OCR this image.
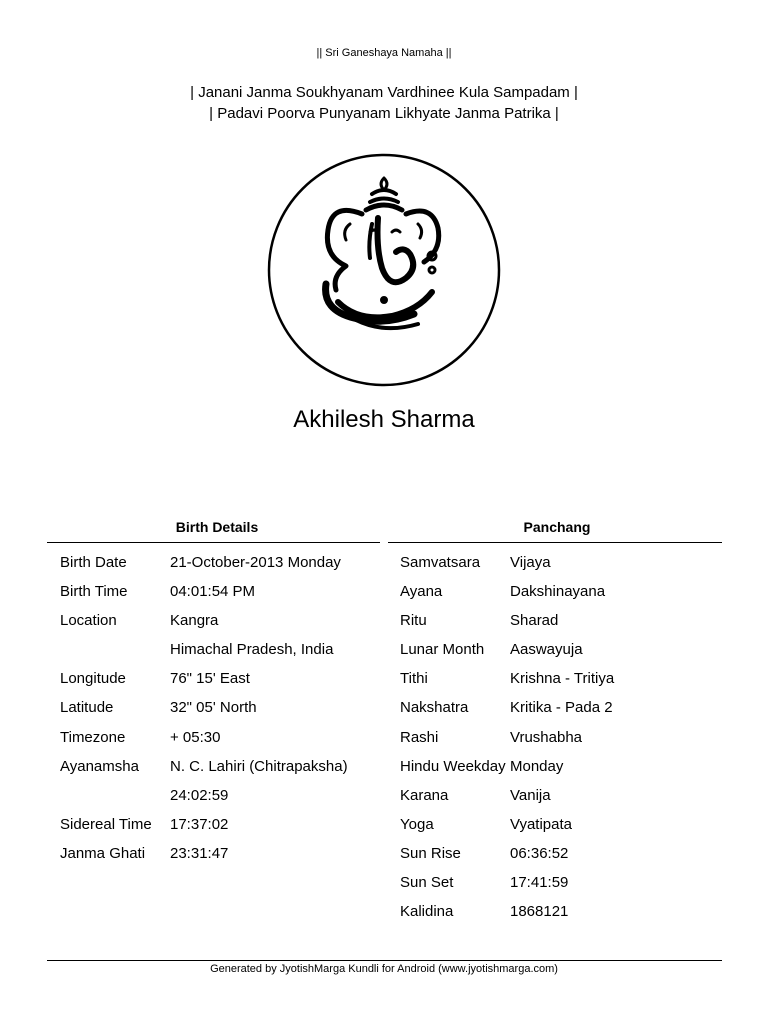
|| Sri Ganeshaya Namaha ||
| Janani Janma Soukhyanam Vardhinee Kula Sampadam |
| Padavi Poorva Punyanam Likhyate Janma Patrika |
Akhilesh Sharma
Birth Details	Panchang
Birth Date	21-October-2013 Monday
Birth Time	04:01:54 PM
Location	Kangra
Himachal Pradesh, India
Longitude	76" 15' East
Latitude	32" 05' North
Timezone	+ 05:30
Ayanamsha N. C. Lahiri (Chitrapaksha)
24:02:59
Sidereal Time 17:37:02
Janma Ghati 23:31:47
Samvatsara Vijaya
Ayana	Dakshinayana
Ritu	Sharad
Lunar Month Aaswayuja
Tithi	Krishna - Tritiya
Nakshatra	Kritika - Pada 2
Rashi	Vrushabha
Hindu Weekday Monday
Karana	Vanija
Yoga	Vyatipata
Sun Rise	06:36:52
Sun Set	17:41:59
Kalidina	1868121
Generated by JyotishMarga Kundli for Android (www.jyotishmarga.com)
